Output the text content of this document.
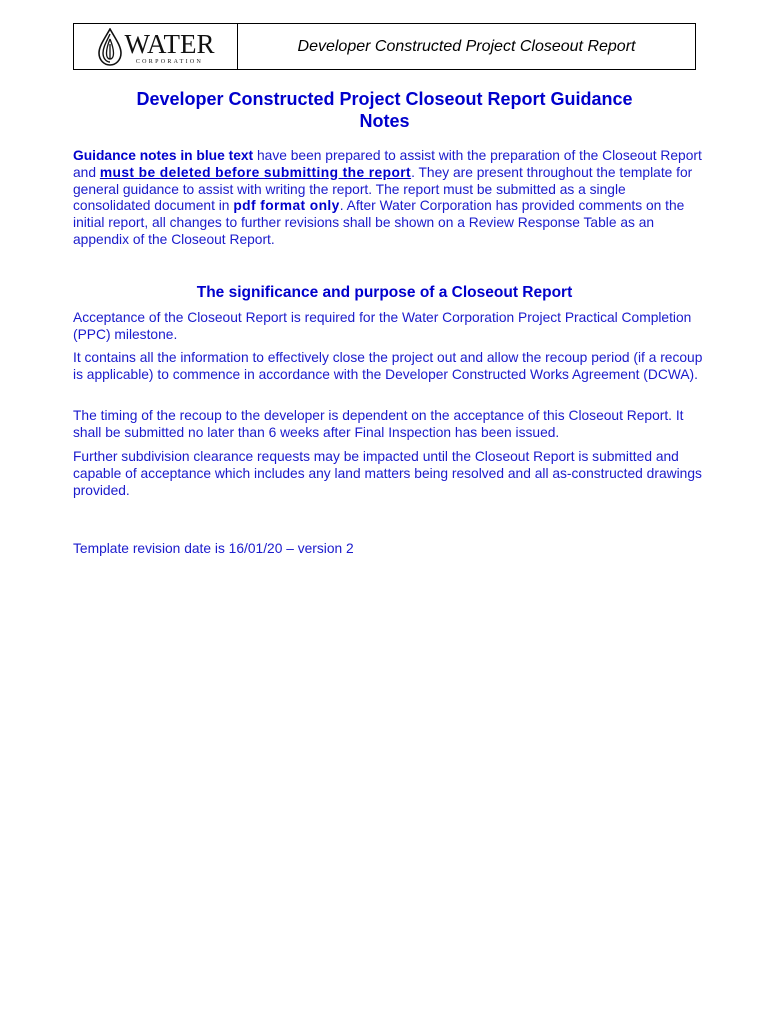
WATER
CORPORATION
Developer Constructed Project Closeout Report
Developer Constructed Project Closeout Report Guidance
Notes
Guidance notes in blue text have been prepared to assist with the preparation of the Closeout Report and must be deleted before submitting the report. They are present throughout the template for general guidance to assist with writing the report. The report must be submitted as a single consolidated document in pdf format only. After Water Corporation has provided comments on the initial report, all changes to further revisions shall be shown on a Review Response Table as an appendix of the Closeout Report.
The significance and purpose of a Closeout Report
Acceptance of the Closeout Report is required for the Water Corporation Project Practical Completion (PPC) milestone.
It contains all the information to effectively close the project out and allow the recoup period (if a recoup is applicable) to commence in accordance with the Developer Constructed Works Agreement (DCWA).
The timing of the recoup to the developer is dependent on the acceptance of this Closeout Report. It shall be submitted no later than 6 weeks after Final Inspection has been issued.
Further subdivision clearance requests may be impacted until the Closeout Report is submitted and capable of acceptance which includes any land matters being resolved and all as-constructed drawings provided.
Template revision date is 16/01/20 – version 2
